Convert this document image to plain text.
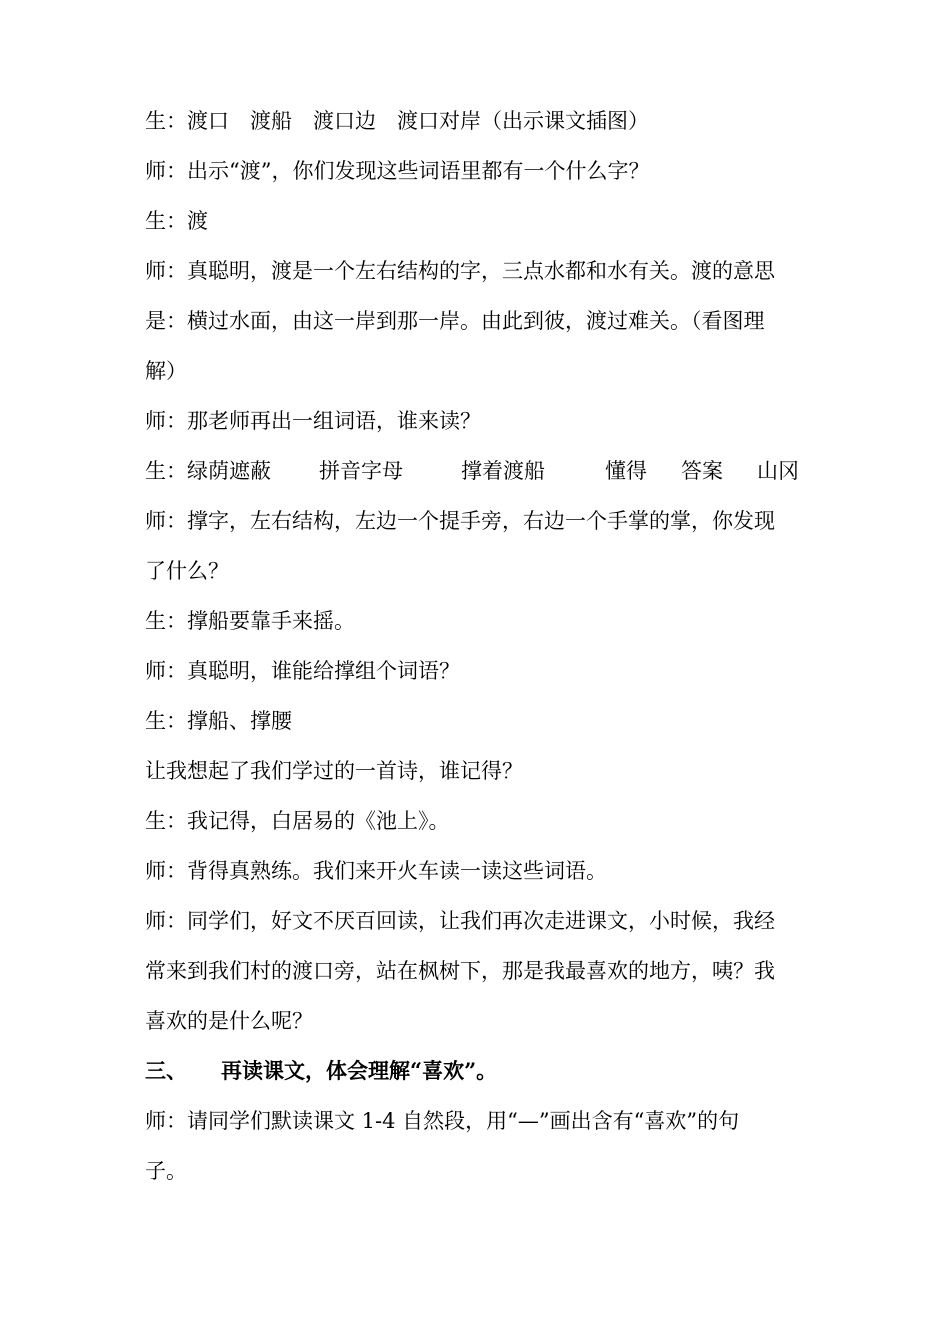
生：渡口　渡船　渡口边　渡口对岸（出示课文插图）
师：出示“渡”，你们发现这些词语里都有一个什么字？
生：渡
师：真聪明，渡是一个左右结构的字，三点水都和水有关。渡的意思
是：横过水面，由这一岸到那一岸。由此到彼，渡过难关。（看图理
解）
师：那老师再出一组词语，谁来读？
生： 绿荫遮蔽	拼音字母	撑着渡船	懂得 答案 山冈
师：撑字，左右结构，左边一个提手旁，右边一个手掌的掌，你发现
了什么？
生：撑船要靠手来摇。
师：真聪明，谁能给撑组个词语？
生：撑船、撑腰
让我想起了我们学过的一首诗，谁记得？
生：我记得，白居易的《池上》。
师：背得真熟练。我们来开火车读一读这些词语。
师：同学们，好文不厌百回读，让我们再次走进课文，小时候，我经
常来到我们村的渡口旁，站在枫树下，那是我最喜欢的地方，咦？我
喜欢的是什么呢？
三、 再读课文，体会理解“喜欢”。
师：请同学们默读课文 1-4 自然段，用“—”画出含有“喜欢”的句
子。
